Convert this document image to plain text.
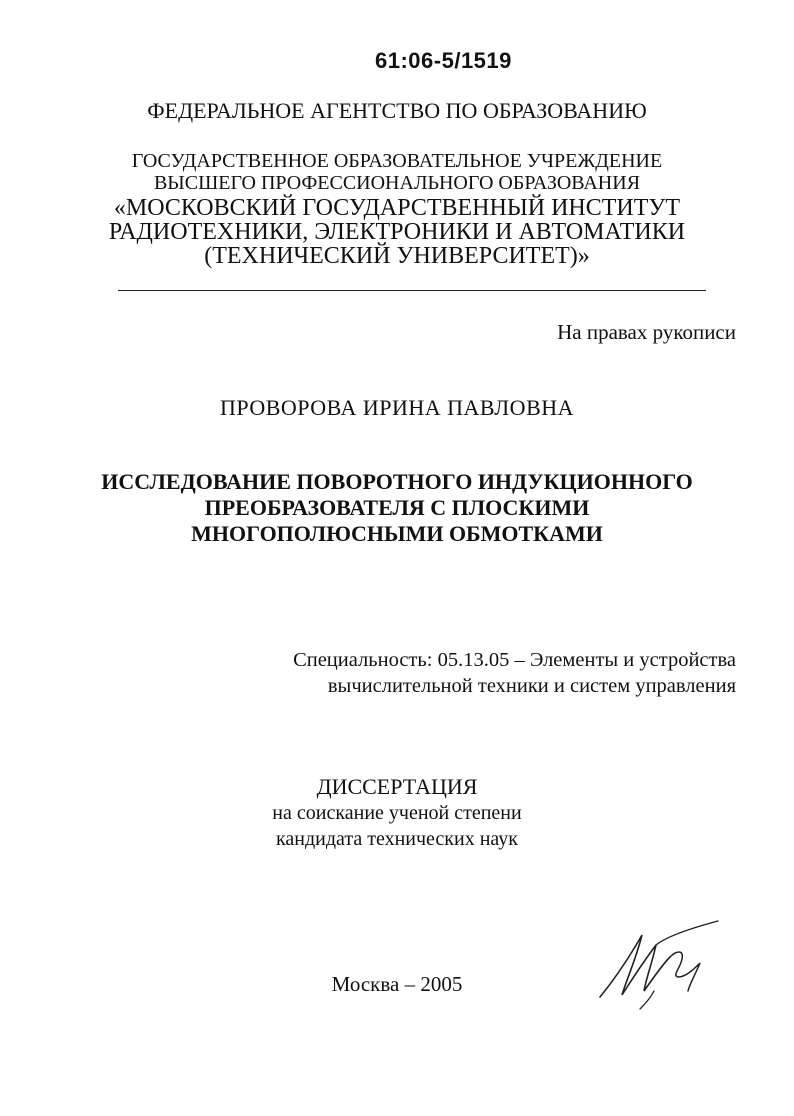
61:06-5/1519
ФЕДЕРАЛЬНОЕ АГЕНТСТВО ПО ОБРАЗОВАНИЮ
ГОСУДАРСТВЕННОЕ ОБРАЗОВАТЕЛЬНОЕ УЧРЕЖДЕНИЕ
ВЫСШЕГО ПРОФЕССИОНАЛЬНОГО ОБРАЗОВАНИЯ
«МОСКОВСКИЙ ГОСУДАРСТВЕННЫЙ ИНСТИТУТ
РАДИОТЕХНИКИ, ЭЛЕКТРОНИКИ И АВТОМАТИКИ
(ТЕХНИЧЕСКИЙ УНИВЕРСИТЕТ)»
На правах рукописи
ПРОВОРОВА ИРИНА ПАВЛОВНА
ИССЛЕДОВАНИЕ ПОВОРОТНОГО ИНДУКЦИОННОГО
ПРЕОБРАЗОВАТЕЛЯ С ПЛОСКИМИ
МНОГОПОЛЮСНЫМИ ОБМОТКАМИ
Специальность: 05.13.05 – Элементы и устройства
вычислительной техники и систем управления
ДИССЕРТАЦИЯ
на соискание ученой степени
кандидата технических наук
Москва – 2005
